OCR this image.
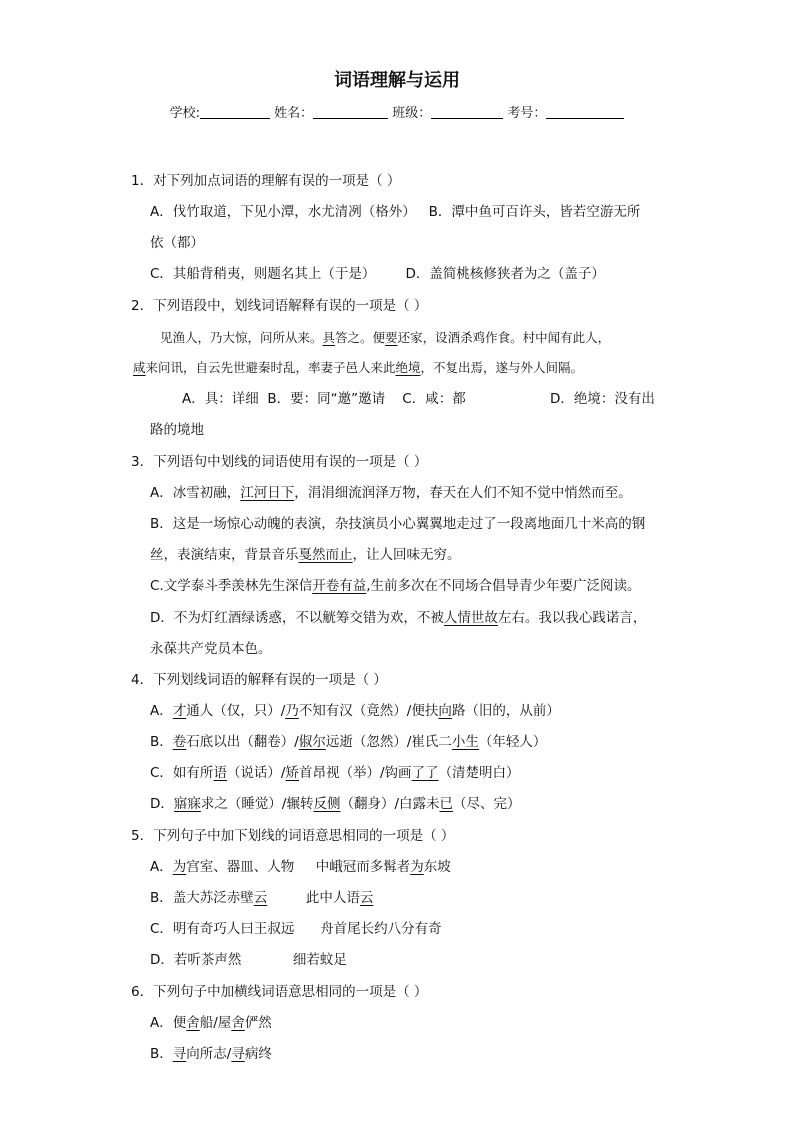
词语理解与运用
学校:	姓名：	班级：	考号：
1．对下列加点词语的理解有误的一项是（ ）
A．伐竹取道，下见小潭，水尤清冽（格外） B．潭中鱼可百许头，皆若空游无所
依（都）
C．其船背稍夷，则题名其上（于是） D．盖简桃核修狭者为之（盖子）
2．下列语段中，划线词语解释有误的一项是（ ）
见渔人，乃大惊，问所从来。具答之。便要还家，设酒杀鸡作食。村中闻有此人，
咸来问讯，自云先世避秦时乱，率妻子邑人来此绝境，不复出焉，遂与外人间隔。
A．具：详细 B．要：同“邀”邀请 C．咸：都	D．绝境：没有出
路的境地
3．下列语句中划线的词语使用有误的一项是（ ）
A．冰雪初融，江河日下，涓涓细流润泽万物，春天在人们不知不觉中悄然而至。
B．这是一场惊心动魄的表演，杂技演员小心翼翼地走过了一段离地面几十米高的钢
丝，表演结束，背景音乐戛然而止，让人回味无穷。
C.文学泰斗季羡林先生深信开卷有益,生前多次在不同场合倡导青少年要广泛阅读。
D．不为灯红酒绿诱惑，不以觥筹交错为欢，不被人情世故左右。我以我心践诺言，
永葆共产党员本色。
4．下列划线词语的解释有误的一项是（ ）
A．才通人（仅，只）/乃不知有汉（竟然）/便扶向路（旧的，从前）
B．卷石底以出（翻卷）/俶尔远逝（忽然）/崔氏二小生（年轻人）
C．如有所语（说话）/矫首昂视（举）/钩画了了（清楚明白）
D．寤寐求之（睡觉）/辗转反侧（翻身）/白露未已（尽、完）
5．下列句子中加下划线的词语意思相同的一项是（ ）
A．为宫室、器皿、人物 中峨冠而多髯者为东坡
B．盖大苏泛赤壁云	此中人语云
C．明有奇巧人曰王叔远 舟首尾长约八分有奇
D．若听茶声然	细若蚊足
6．下列句子中加横线词语意思相同的一项是（ ）
A．便舍船/屋舍俨然
B．寻向所志/寻病终
